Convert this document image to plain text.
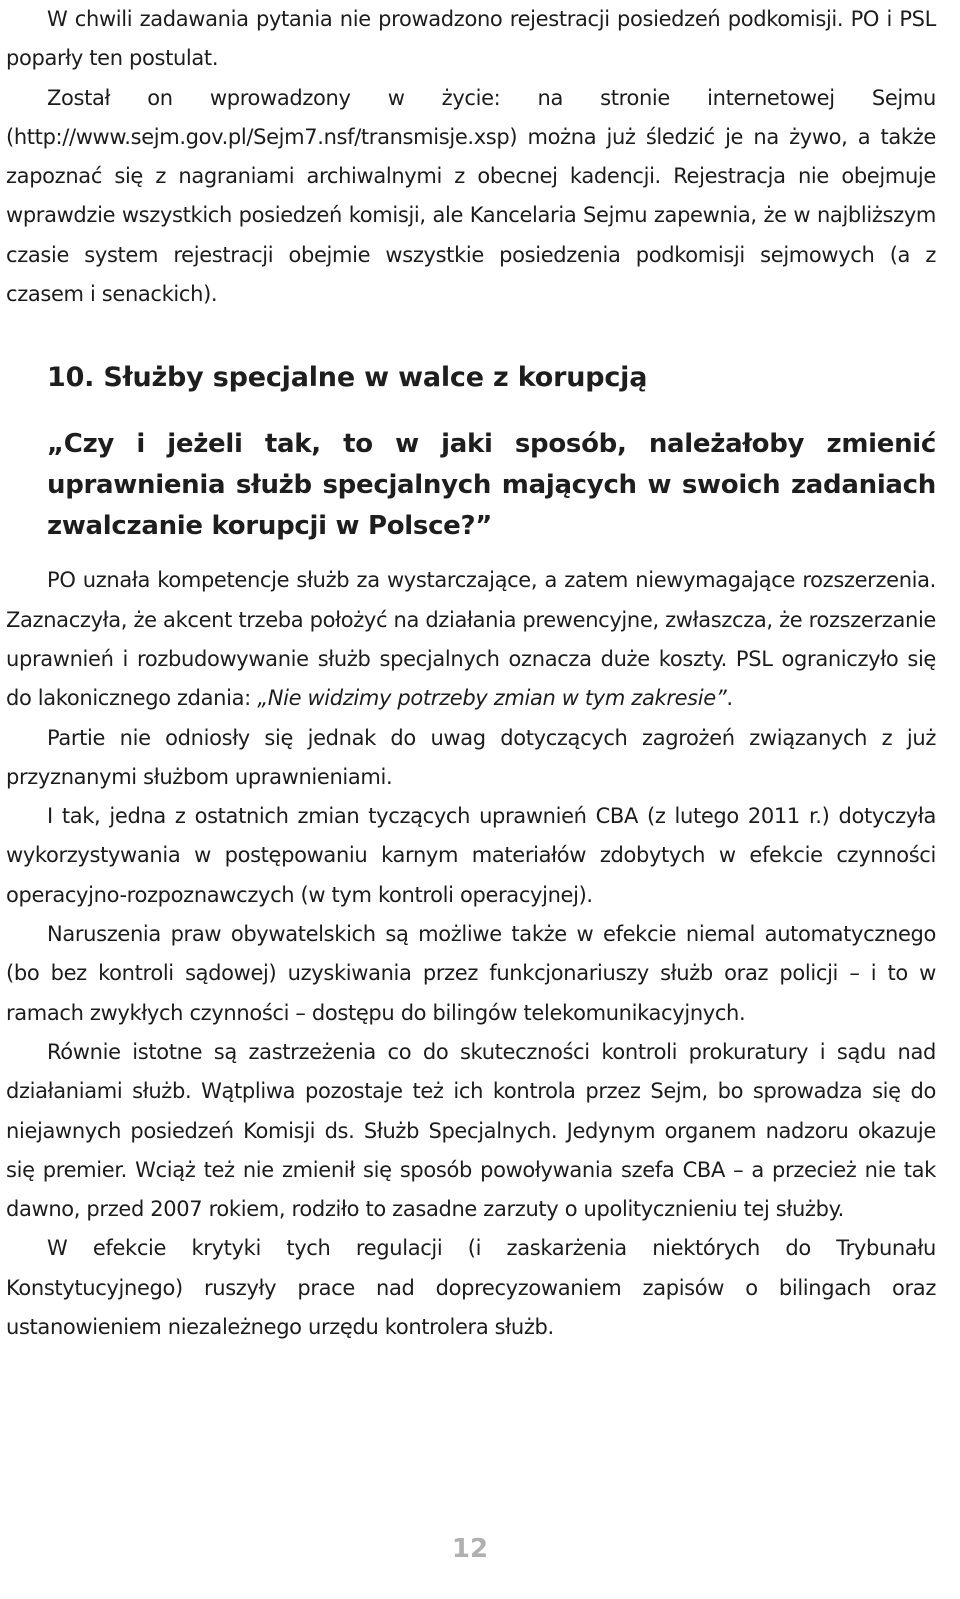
W chwili zadawania pytania nie prowadzono rejestracji posiedzeń podkomisji. PO i PSL poparły ten postulat.

Został on wprowadzony w życie: na stronie internetowej Sejmu (http://www.sejm.gov.pl/Sejm7.nsf/transmisje.xsp) można już śledzić je na żywo, a także zapoznać się z nagraniami archiwalnymi z obecnej kadencji. Rejestracja nie obejmuje wprawdzie wszystkich posiedzeń komisji, ale Kancelaria Sejmu zapewnia, że w najbliższym czasie system rejestracji obejmie wszystkie posiedzenia podkomisji sejmowych (a z czasem i senackich).

10. Służby specjalne w walce z korupcją

„Czy i jeżeli tak, to w jaki sposób, należałoby zmienić uprawnienia służb specjalnych mających w swoich zadaniach zwalczanie korupcji w Polsce?”

PO uznała kompetencje służb za wystarczające, a zatem niewymagające rozszerzenia. Zaznaczyła, że akcent trzeba położyć na działania prewencyjne, zwłaszcza, że rozszerzanie uprawnień i rozbudowywanie służb specjalnych oznacza duże koszty. PSL ograniczyło się do lakonicznego zdania: „Nie widzimy potrzeby zmian w tym zakresie”.

Partie nie odniosły się jednak do uwag dotyczących zagrożeń związanych z już przyznanymi służbom uprawnieniami.

I tak, jedna z ostatnich zmian tyczących uprawnień CBA (z lutego 2011 r.) dotyczyła wykorzystywania w postępowaniu karnym materiałów zdobytych w efekcie czynności operacyjno-rozpoznawczych (w tym kontroli operacyjnej).

Naruszenia praw obywatelskich są możliwe także w efekcie niemal automatycznego (bo bez kontroli sądowej) uzyskiwania przez funkcjonariuszy służb oraz policji – i to w ramach zwykłych czynności – dostępu do bilingów telekomunikacyjnych.

Równie istotne są zastrzeżenia co do skuteczności kontroli prokuratury i sądu nad działaniami służb. Wątpliwa pozostaje też ich kontrola przez Sejm, bo sprowadza się do niejawnych posiedzeń Komisji ds. Służb Specjalnych. Jedynym organem nadzoru okazuje się premier. Wciąż też nie zmienił się sposób powoływania szefa CBA – a przecież nie tak dawno, przed 2007 rokiem, rodziło to zasadne zarzuty o upolitycznieniu tej służby.

W efekcie krytyki tych regulacji (i zaskarżenia niektórych do Trybunału Konstytucyjnego) ruszyły prace nad doprecyzowaniem zapisów o bilingach oraz ustanowieniem niezależnego urzędu kontrolera służb.

12
